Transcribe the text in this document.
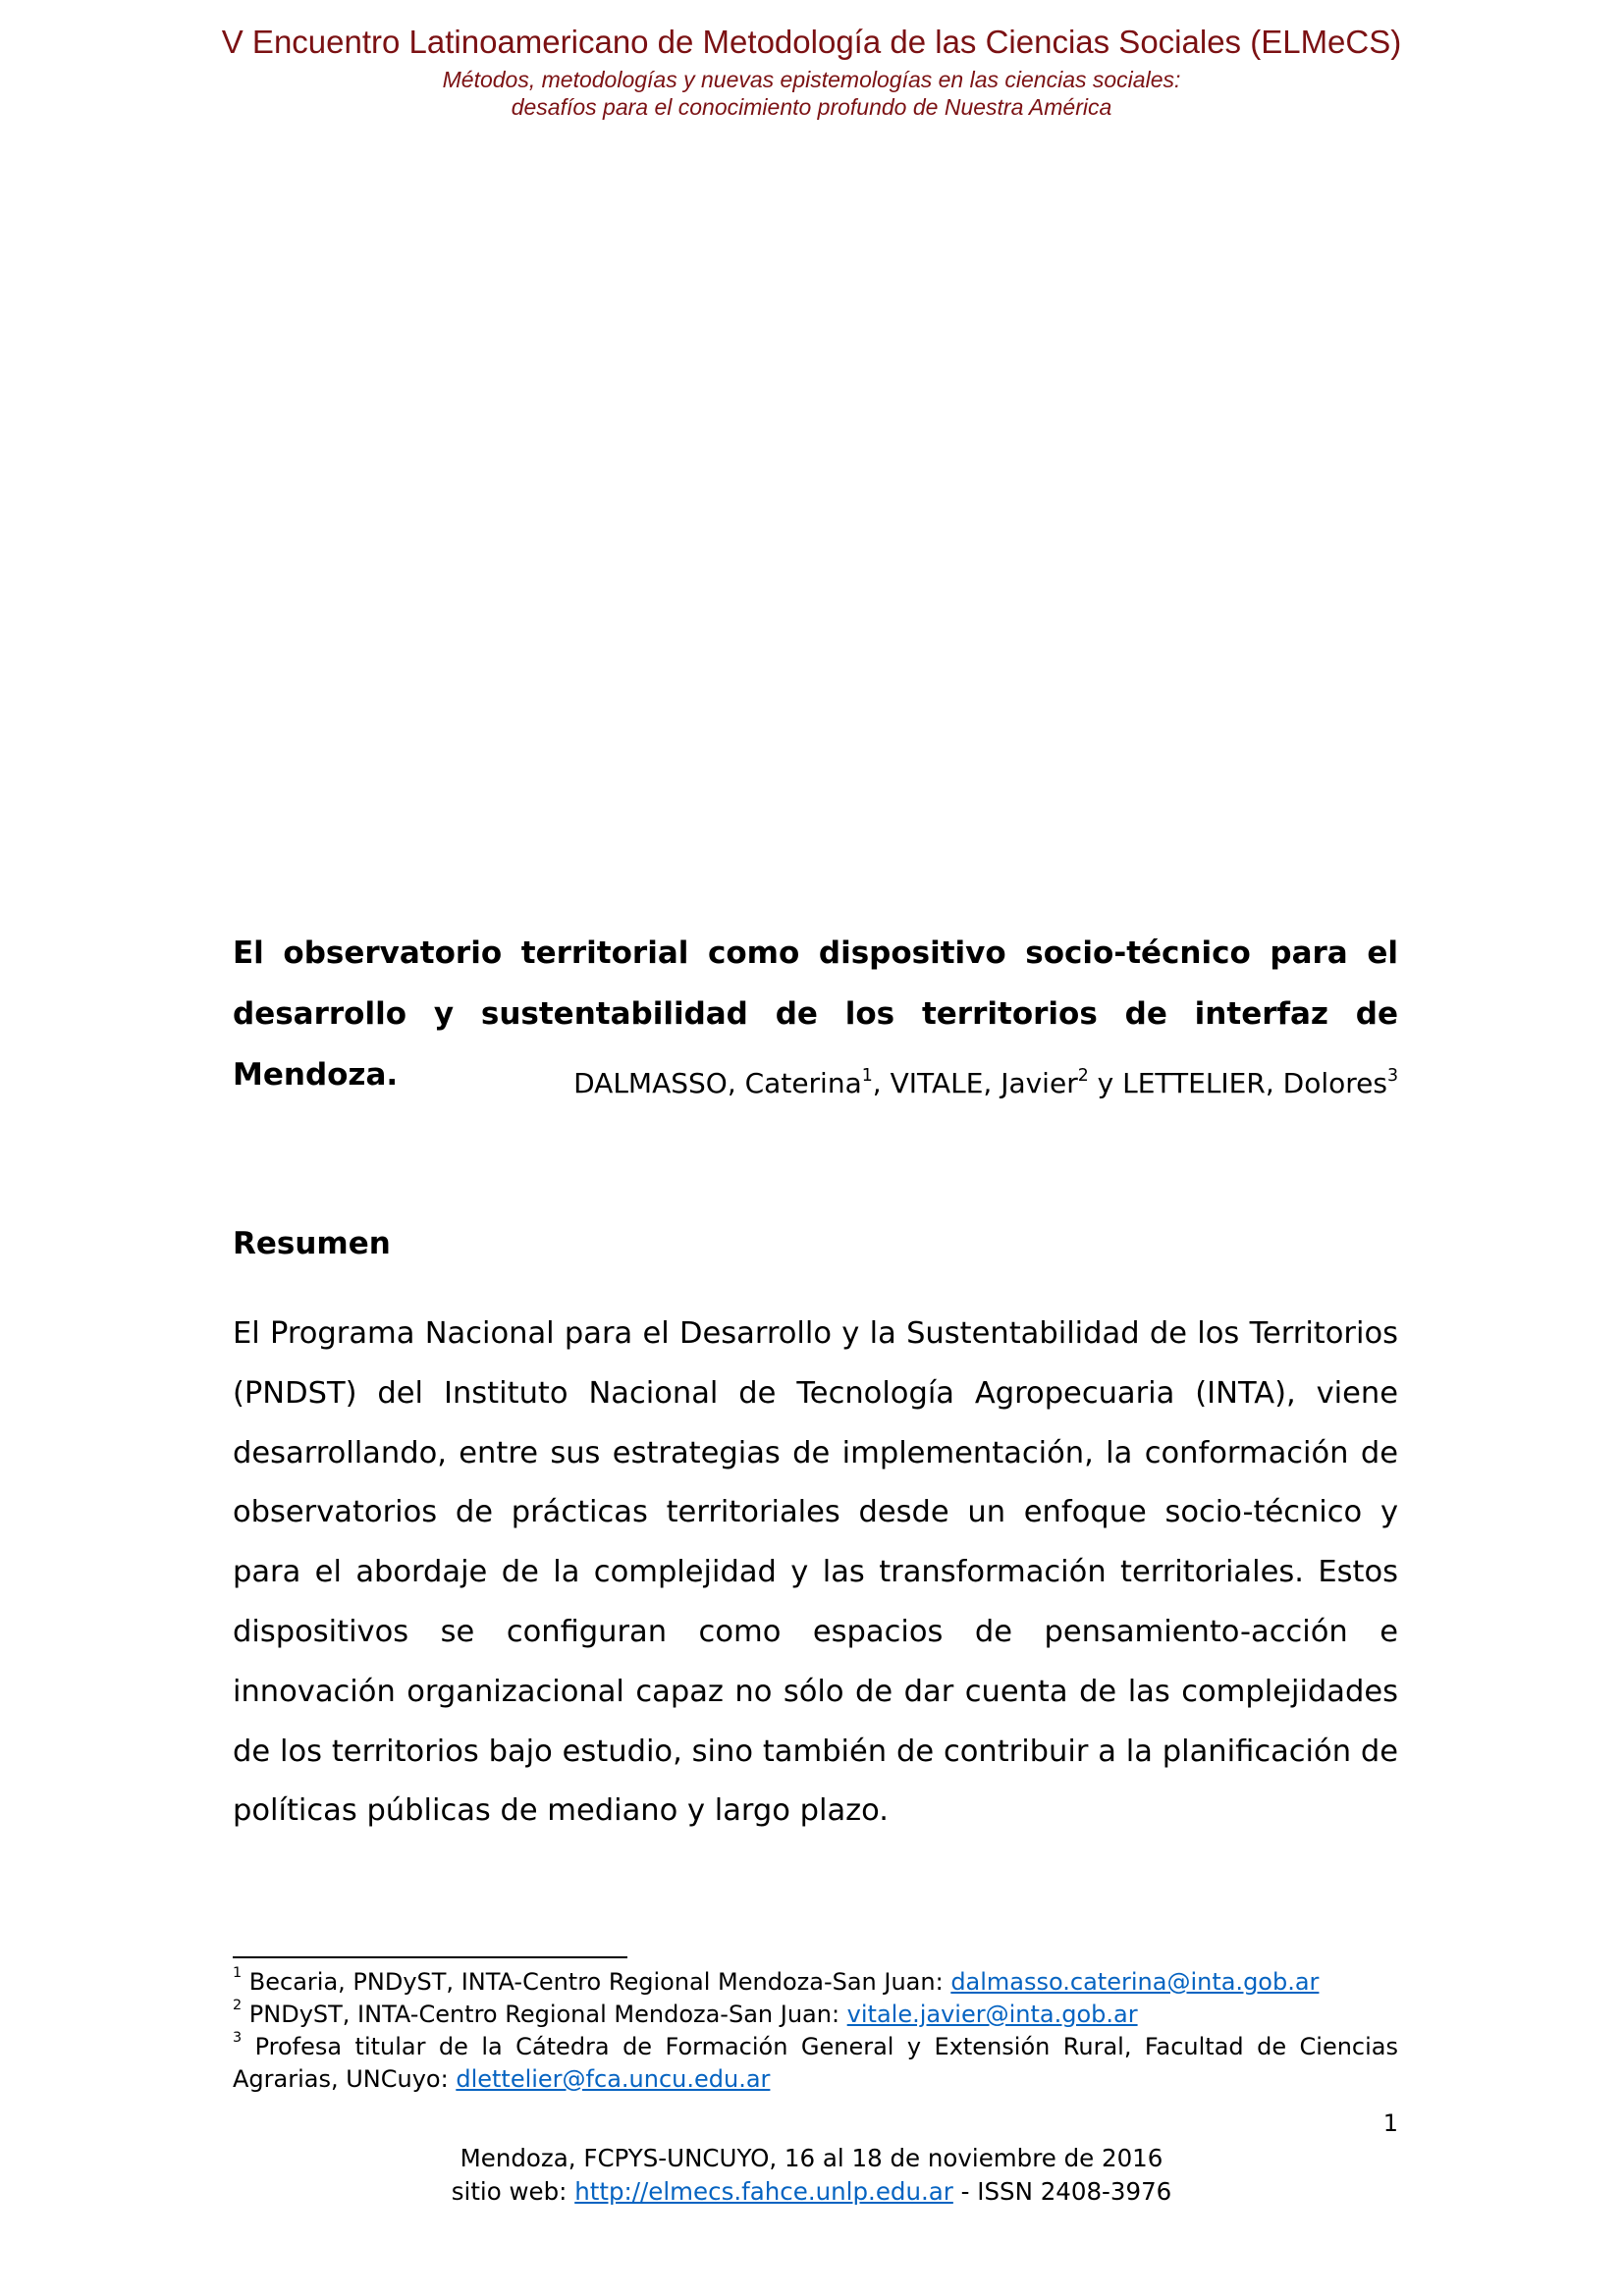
V Encuentro Latinoamericano de Metodología de las Ciencias Sociales (ELMeCS)
Métodos, metodologías y nuevas epistemologías en las ciencias sociales:
desafíos para el conocimiento profundo de Nuestra América
El observatorio territorial como dispositivo socio-técnico para el desarrollo y sustentabilidad de los territorios de interfaz de Mendoza.	DALMASSO, Caterina$^1$, VITALE, Javier$^2$ y LETTELIER, Dolores$^3$
Resumen
El Programa Nacional para el Desarrollo y la Sustentabilidad de los Territorios (PNDST) del Instituto Nacional de Tecnología Agropecuaria (INTA), viene desarrollando, entre sus estrategias de implementación, la conformación de observatorios de prácticas territoriales desde un enfoque socio-técnico y para el abordaje de la complejidad y las transformación territoriales. Estos dispositivos se configuran como espacios de pensamiento-acción e innovación organizacional capaz no sólo de dar cuenta de las complejidades de los territorios bajo estudio, sino también de contribuir a la planificación de políticas públicas de mediano y largo plazo.

$^1$ Becaria, PNDyST, INTA-Centro Regional Mendoza-San Juan: dalmasso.caterina@inta.gob.ar

$^2$ PNDyST, INTA-Centro Regional Mendoza-San Juan: vitale.javier@inta.gob.ar

$^3$ Profesa titular de la Cátedra de Formación General y Extensión Rural, Facultad de Ciencias Agrarias, UNCuyo: dlettelier@fca.uncu.edu.ar

1
Mendoza, FCPYS-UNCUYO, 16 al 18 de noviembre de 2016
sitio web: http://elmecs.fahce.unlp.edu.ar - ISSN 2408-3976
